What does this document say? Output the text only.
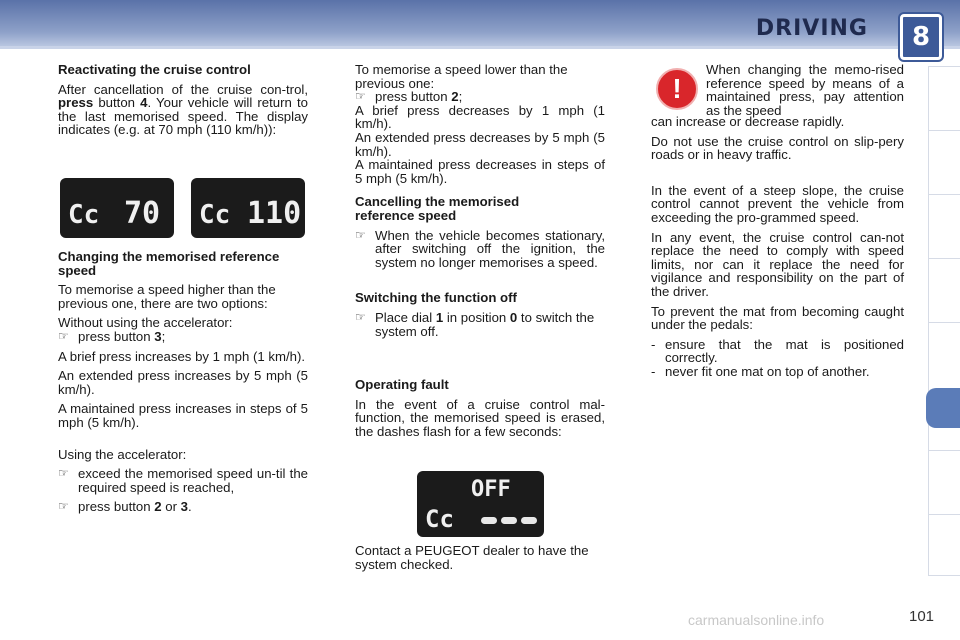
DRIVING	8
Reactivating the cruise control

After cancellation of the cruise con-trol, press button 4. Your vehicle will return to the last memorised speed. The display indicates (e.g. at 70 mph (110 km/h)):

Cc 70 Cc 110
Changing the memorised reference speed

To memorise a speed higher than the previous one, there are two options:

Without using the accelerator:

☞ press button 3;

A brief press increases by 1 mph (1 km/h).

An extended press increases by 5 mph (5 km/h).

A maintained press increases in steps of 5 mph (5 km/h).

Using the accelerator:

☞ exceed the memorised speed un-til the required speed is reached,
☞ press button 2 or 3.

To memorise a speed lower than the previous one:

☞ press button 2;

A brief press decreases by 1 mph (1 km/h).

An extended press decreases by 5 mph (5 km/h).

A maintained press decreases in steps of 5 mph (5 km/h).

Cancelling the memorised reference speed
☞ When the vehicle becomes stationary, after switching off the ignition, the system no longer memorises a speed.
Switching the function off
☞ Place dial 1 in position 0 to switch the system off.
Operating fault

In the event of a cruise control mal-function, the memorised speed is erased, the dashes flash for a few seconds:

OFF
Cc

Contact a PEUGEOT dealer to have the system checked.

!

When changing the memo-rised reference speed by means of a maintained press, pay attention as the speed

can increase or decrease rapidly.

Do not use the cruise control on slip-pery roads or in heavy traffic.

In the event of a steep slope, the cruise control cannot prevent the vehicle from exceeding the pro-grammed speed.

In any event, the cruise control can-not replace the need to comply with speed limits, nor can it replace the need for vigilance and responsibility on the part of the driver.

To prevent the mat from becoming caught under the pedals:

- ensure that the mat is positioned correctly.
- never fit one mat on top of another.
carmanualsonline.info	101
